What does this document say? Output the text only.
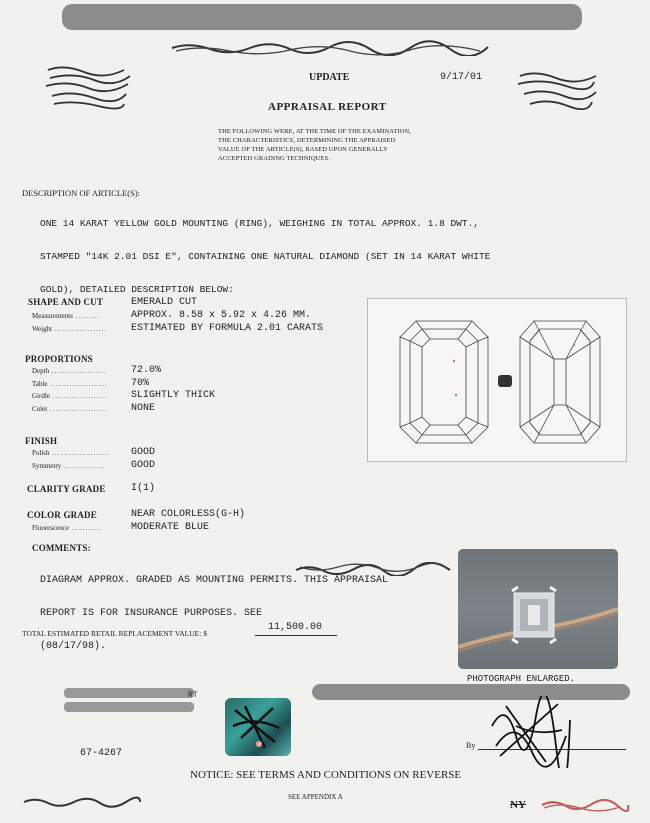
UPDATE	9/17/01
APPRAISAL REPORT
THE FOLLOWING WERE, AT THE TIME OF THE EXAMINATION,
THE CHARACTERISTICS, DETERMINING THE APPRAISED
VALUE OF THE ARTICLE(S), BASED UPON GENERALLY
ACCEPTED GRADING TECHNIQUES.
DESCRIPTION OF ARTICLE(S):

ONE 14 KARAT YELLOW GOLD MOUNTING (RING), WEIGHING IN TOTAL APPROX. 1.8 DWT.,

STAMPED "14K 2.01 DSI E", CONTAINING ONE NATURAL DIAMOND (SET IN 14 KARAT WHITE

GOLD), DETAILED DESCRIPTION BELOW:

SHAPE AND CUT	EMERALD CUT
Measurements .........	APPROX. 8.58 x 5.92 x 4.26 MM.
Weight ................... ESTIMATED BY FORMULA 2.01 CARATS
PROPORTIONS
Depth .................... 72.0%
Table ..................... 70%
Girdle .................... SLIGHTLY THICK
Culet ..................... NONE
FINISH
Polish ..................... GOOD
Symmetry ...............	GOOD
CLARITY GRADE	I(1)
COLOR GRADE	NEAR COLORLESS(G-H)
Fluorescence ...........	MODERATE BLUE
COMMENTS:

DIAGRAM APPROX. GRADED AS MOUNTING PERMITS. THIS APPRAISAL

REPORT IS FOR INSURANCE PURPOSES. SEE

(08/17/98).

TOTAL ESTIMATED RETAIL REPLACEMENT VALUE: $
11,500.00
PHOTOGRAPH ENLARGED.
RT
67-4267
By
NOTICE: SEE TERMS AND CONDITIONS ON REVERSE
SEE APPENDIX A
NY
